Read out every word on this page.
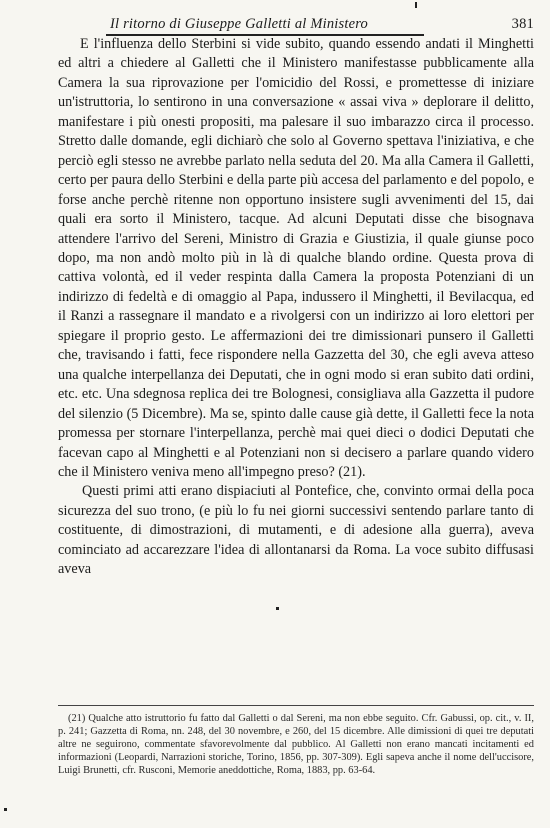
Il ritorno di Giuseppe Galletti al Ministero	381

E l'influenza dello Sterbini si vide subito, quando essendo andati il Minghetti ed altri a chiedere al Galletti che il Ministero manifestasse pubblicamente alla Camera la sua riprovazione per l'omicidio del Rossi, e promettesse di iniziare un'istruttoria, lo sentirono in una conversazione « assai viva » deplorare il delitto, manifestare i più onesti propositi, ma palesare il suo imbarazzo circa il processo. Stretto dalle domande, egli dichiarò che solo al Governo spettava l'iniziativa, e che perciò egli stesso ne avrebbe parlato nella seduta del 20. Ma alla Camera il Galletti, certo per paura dello Sterbini e della parte più accesa del parlamento e del popolo, e forse anche perchè ritenne non opportuno insistere sugli avvenimenti del 15, dai quali era sorto il Ministero, tacque. Ad alcuni Deputati disse che bisognava attendere l'arrivo del Sereni, Ministro di Grazia e Giustizia, il quale giunse poco dopo, ma non andò molto più in là di qualche blando ordine. Questa prova di cattiva volontà, ed il veder respinta dalla Camera la proposta Potenziani di un indirizzo di fedeltà e di omaggio al Papa, indussero il Minghetti, il Bevilacqua, ed il Ranzi a rassegnare il mandato e a rivolgersi con un indirizzo ai loro elettori per spiegare il proprio gesto. Le affermazioni dei tre dimissionari punsero il Galletti che, travisando i fatti, fece rispondere nella Gazzetta del 30, che egli aveva atteso una qualche interpellanza dei Deputati, che in ogni modo si eran subito dati ordini, etc. etc. Una sdegnosa replica dei tre Bolognesi, consigliava alla Gazzetta il pudore del silenzio (5 Dicembre). Ma se, spinto dalle cause già dette, il Galletti fece la nota promessa per stornare l'interpellanza, perchè mai quei dieci o dodici Deputati che facevan capo al Minghetti e al Potenziani non si decisero a parlare quando videro che il Ministero veniva meno all'impegno preso? (21).

Questi primi atti erano dispiaciuti al Pontefice, che, convinto ormai della poca sicurezza del suo trono, (e più lo fu nei giorni successivi sentendo parlare tanto di costituente, di dimostrazioni, di mutamenti, e di adesione alla guerra), aveva cominciato ad accarezzare l'idea di allontanarsi da Roma. La voce subito diffusasi aveva

(21) Qualche atto istruttorio fu fatto dal Galletti o dal Sereni, ma non ebbe seguito. Cfr. Gabussi, op. cit., v. II, p. 241; Gazzetta di Roma, nn. 248, del 30 novembre, e 260, del 15 dicembre. Alle dimissioni di quei tre deputati altre ne seguirono, commentate sfavorevolmente dal pubblico. Al Galletti non erano mancati incitamenti ed informazioni (Leopardi, Narrazioni storiche, Torino, 1856, pp. 307-309). Egli sapeva anche il nome dell'uccisore, Luigi Brunetti, cfr. Rusconi, Memorie aneddottiche, Roma, 1883, pp. 63-64.
